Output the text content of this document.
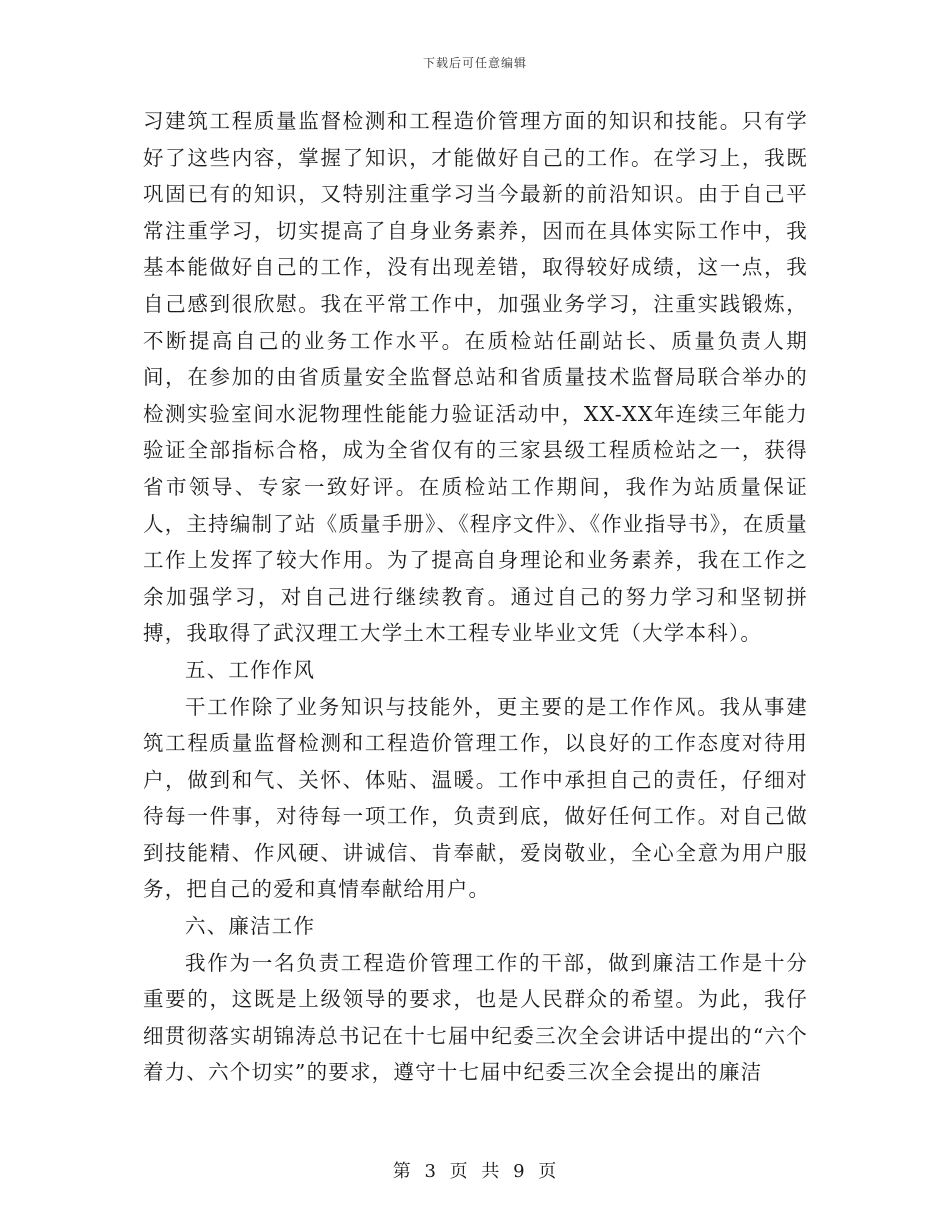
下载后可任意编辑

习建筑工程质量监督检测和工程造价管理方面的知识和技能。只有学好了这些内容，掌握了知识，才能做好自己的工作。在学习上，我既巩固已有的知识，又特别注重学习当今最新的前沿知识。由于自己平常注重学习，切实提高了自身业务素养，因而在具体实际工作中，我基本能做好自己的工作，没有出现差错，取得较好成绩，这一点，我自己感到很欣慰。我在平常工作中，加强业务学习，注重实践锻炼，不断提高自己的业务工作水平。在质检站任副站长、质量负责人期间，在参加的由省质量安全监督总站和省质量技术监督局联合举办的检测实验室间水泥物理性能能力验证活动中，XX-XX年连续三年能力验证全部指标合格，成为全省仅有的三家县级工程质检站之一，获得省市领导、专家一致好评。在质检站工作期间，我作为站质量保证人，主持编制了站《质量手册》、《程序文件》、《作业指导书》，在质量工作上发挥了较大作用。为了提高自身理论和业务素养，我在工作之余加强学习，对自己进行继续教育。通过自己的努力学习和坚韧拼搏，我取得了武汉理工大学土木工程专业毕业文凭（大学本科）。

五、工作作风

干工作除了业务知识与技能外，更主要的是工作作风。我从事建筑工程质量监督检测和工程造价管理工作，以良好的工作态度对待用户，做到和气、关怀、体贴、温暖。工作中承担自己的责任，仔细对待每一件事，对待每一项工作，负责到底，做好任何工作。对自己做到技能精、作风硬、讲诚信、肯奉献，爱岗敬业，全心全意为用户服务，把自己的爱和真情奉献给用户。

六、廉洁工作

我作为一名负责工程造价管理工作的干部，做到廉洁工作是十分重要的，这既是上级领导的要求，也是人民群众的希望。为此，我仔细贯彻落实胡锦涛总书记在十七届中纪委三次全会讲话中提出的“六个着力、六个切实”的要求，遵守十七届中纪委三次全会提出的廉洁

第 3 页 共 9 页
